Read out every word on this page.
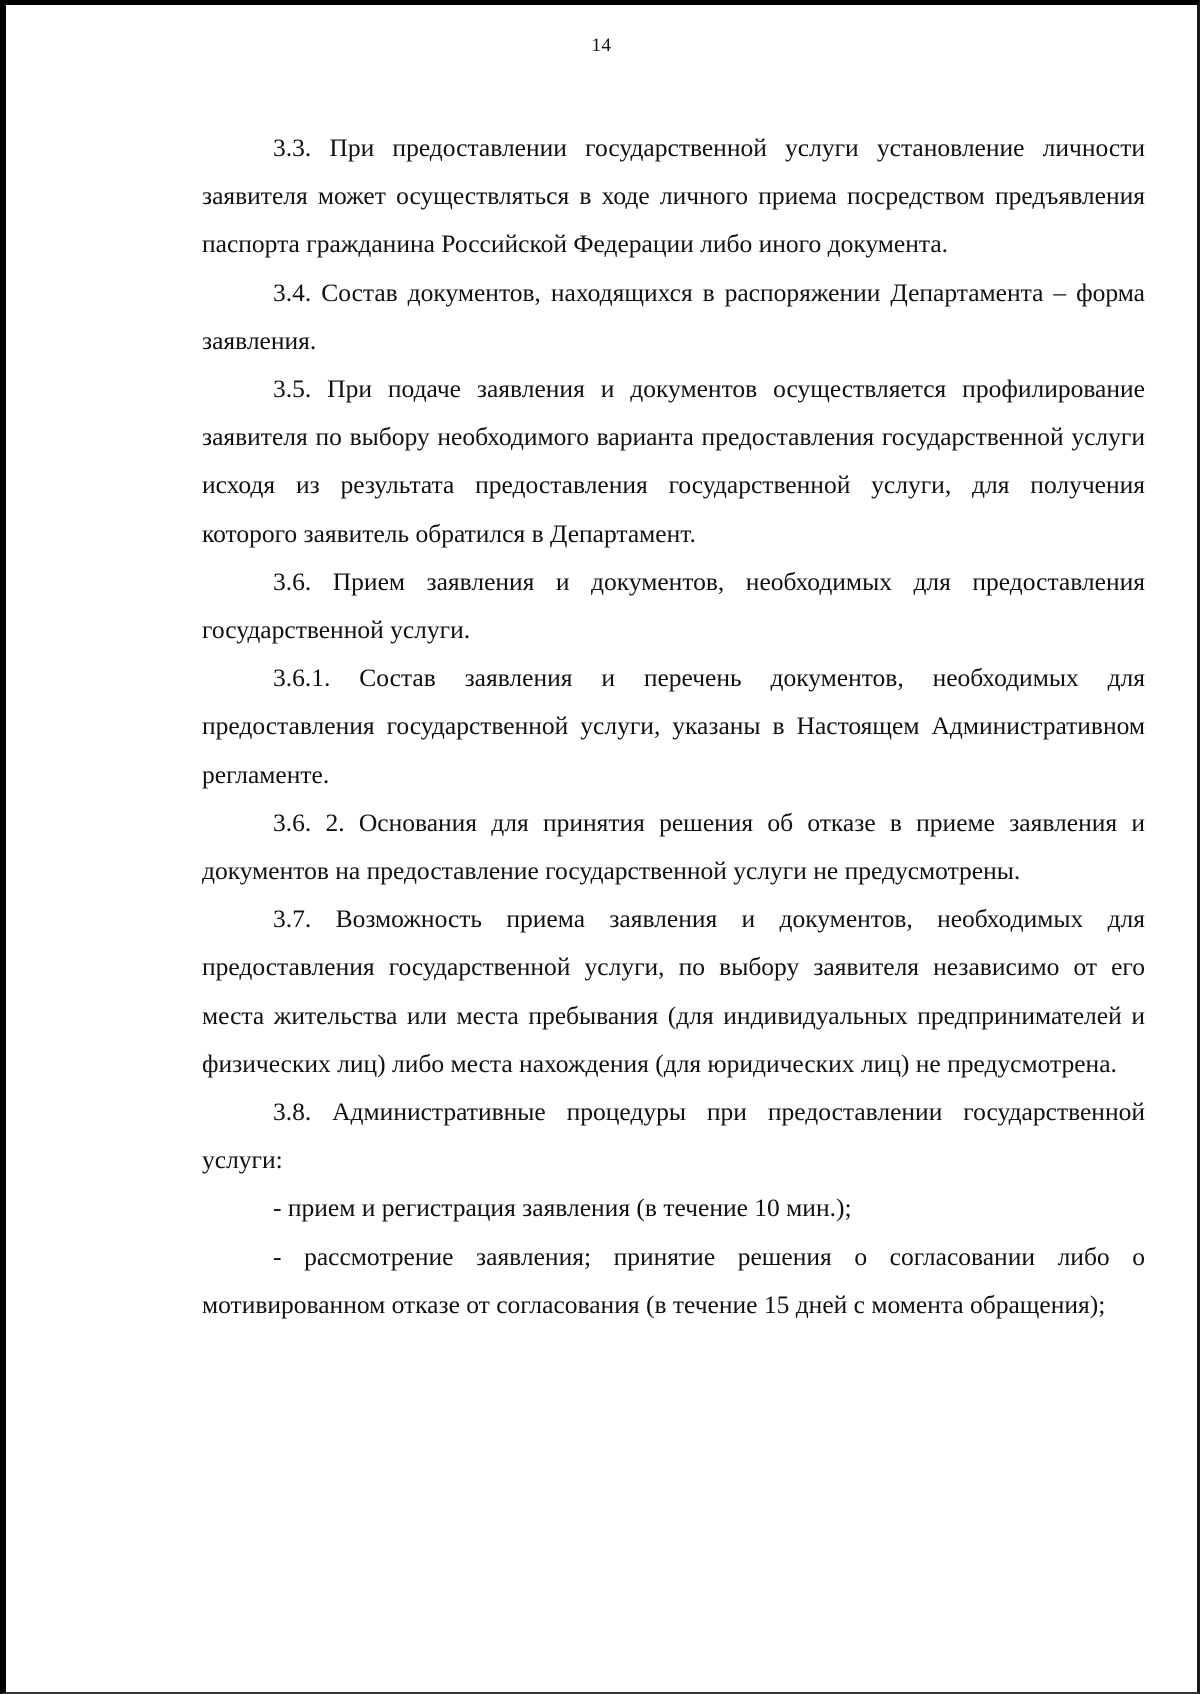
14

3.3. При предоставлении государственной услуги установление личности заявителя может осуществляться в ходе личного приема посредством предъявления паспорта гражданина Российской Федерации либо иного документа.

3.4. Состав документов, находящихся в распоряжении Департамента – форма заявления.

3.5. При подаче заявления и документов осуществляется профилирование заявителя по выбору необходимого варианта предоставления государственной услуги исходя из результата предоставления государственной услуги, для получения которого заявитель обратился в Департамент.

3.6. Прием заявления и документов, необходимых для предоставления государственной услуги.

3.6.1. Состав заявления и перечень документов, необходимых для предоставления государственной услуги, указаны в Настоящем Административном регламенте.

3.6. 2. Основания для принятия решения об отказе в приеме заявления и документов на предоставление государственной услуги не предусмотрены.

3.7. Возможность приема заявления и документов, необходимых для предоставления государственной услуги, по выбору заявителя независимо от его места жительства или места пребывания (для индивидуальных предпринимателей и физических лиц) либо места нахождения (для юридических лиц) не предусмотрена.

3.8. Административные процедуры при предоставлении государственной услуги:

- прием и регистрация заявления (в течение 10 мин.);

- рассмотрение заявления; принятие решения о согласовании либо о мотивированном отказе от согласования (в течение 15 дней с момента обращения);
